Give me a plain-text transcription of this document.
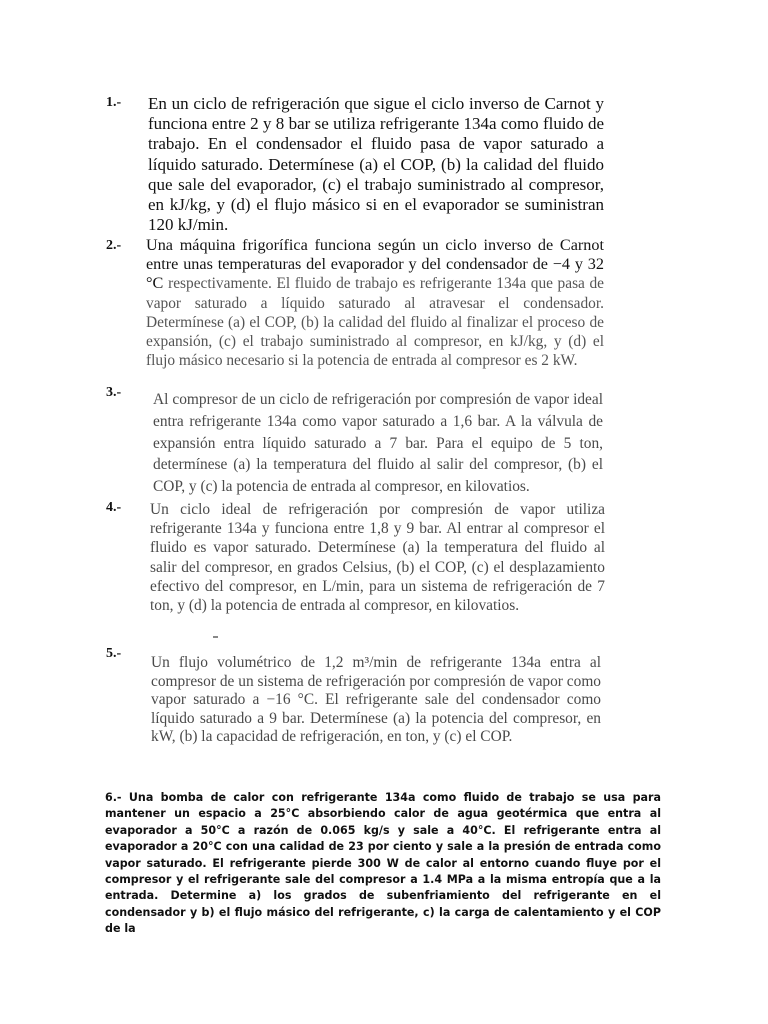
1.- En un ciclo de refrigeración que sigue el ciclo inverso de Carnot y funciona entre 2 y 8 bar se utiliza refrigerante 134a como fluido de trabajo. En el condensador el fluido pasa de vapor saturado a líquido saturado. Determínese (a) el COP, (b) la calidad del fluido que sale del evaporador, (c) el trabajo suministrado al compresor, en kJ/kg, y (d) el flujo másico si en el evaporador se suministran 120 kJ/min.
2.- Una máquina frigorífica funciona según un ciclo inverso de Carnot entre unas temperaturas del evaporador y del condensador de −4 y 32 °C respectivamente. El fluido de trabajo es refrigerante 134a que pasa de vapor saturado a líquido saturado al atravesar el condensador. Determínese (a) el COP, (b) la calidad del fluido al finalizar el proceso de expansión, (c) el trabajo suministrado al compresor, en kJ/kg, y (d) el flujo másico necesario si la potencia de entrada al compresor es 2 kW.
3.- Al compresor de un ciclo de refrigeración por compresión de vapor ideal entra refrigerante 134a como vapor saturado a 1,6 bar. A la válvula de expansión entra líquido saturado a 7 bar. Para el equipo de 5 ton, determínese (a) la temperatura del fluido al salir del compresor, (b) el COP, y (c) la potencia de entrada al compresor, en kilovatios.
4.- Un ciclo ideal de refrigeración por compresión de vapor utiliza refrigerante 134a y funciona entre 1,8 y 9 bar. Al entrar al compresor el fluido es vapor saturado. Determínese (a) la temperatura del fluido al salir del compresor, en grados Celsius, (b) el COP, (c) el desplazamiento efectivo del compresor, en L/min, para un sistema de refrigeración de 7 ton, y (d) la potencia de entrada al compresor, en kilovatios.
5.-
Un flujo volumétrico de 1,2 m³/min de refrigerante 134a entra al compresor de un sistema de refrigeración por compresión de vapor como vapor saturado a −16 °C. El refrigerante sale del condensador como líquido saturado a 9 bar. Determínese (a) la potencia del compresor, en kW, (b) la capacidad de refrigeración, en ton, y (c) el COP.
6.- Una bomba de calor con refrigerante 134a como fluido de trabajo se usa para mantener un espacio a 25°C absorbiendo calor de agua geotérmica que entra al evaporador a 50°C a razón de 0.065 kg/s y sale a 40°C. El refrigerante entra al evaporador a 20°C con una calidad de 23 por ciento y sale a la presión de entrada como vapor saturado. El refrigerante pierde 300 W de calor al entorno cuando fluye por el compresor y el refrigerante sale del compresor a 1.4 MPa a la misma entropía que a la entrada. Determine a) los grados de subenfriamiento del refrigerante en el condensador y b) el flujo másico del refrigerante, c) la carga de calentamiento y el COP de la
